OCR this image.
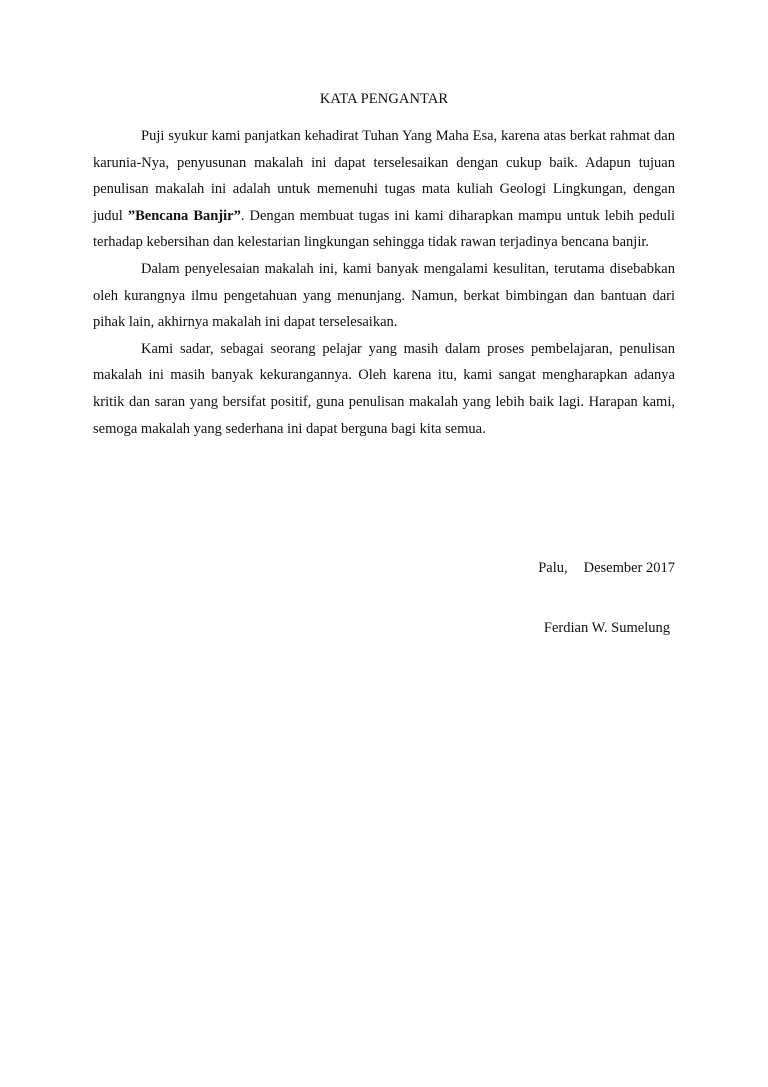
KATA PENGANTAR

Puji syukur kami panjatkan kehadirat Tuhan Yang Maha Esa, karena atas berkat rahmat dan karunia-Nya, penyusunan makalah ini dapat terselesaikan dengan cukup baik. Adapun tujuan penulisan makalah ini adalah untuk memenuhi tugas mata kuliah Geologi Lingkungan, dengan judul ”Bencana Banjir”. Dengan membuat tugas ini kami diharapkan mampu untuk lebih peduli terhadap kebersihan dan kelestarian lingkungan sehingga tidak rawan terjadinya bencana banjir.

Dalam penyelesaian makalah ini, kami banyak mengalami kesulitan, terutama disebabkan oleh kurangnya ilmu pengetahuan yang menunjang. Namun, berkat bimbingan dan bantuan dari pihak lain, akhirnya makalah ini dapat terselesaikan.

Kami sadar, sebagai seorang pelajar yang masih dalam proses pembelajaran, penulisan makalah ini masih banyak kekurangannya. Oleh karena itu, kami sangat mengharapkan adanya kritik dan saran yang bersifat positif, guna penulisan makalah yang lebih baik lagi. Harapan kami, semoga makalah yang sederhana ini dapat berguna bagi kita semua.

Palu, Desember 2017
Ferdian W. Sumelung
